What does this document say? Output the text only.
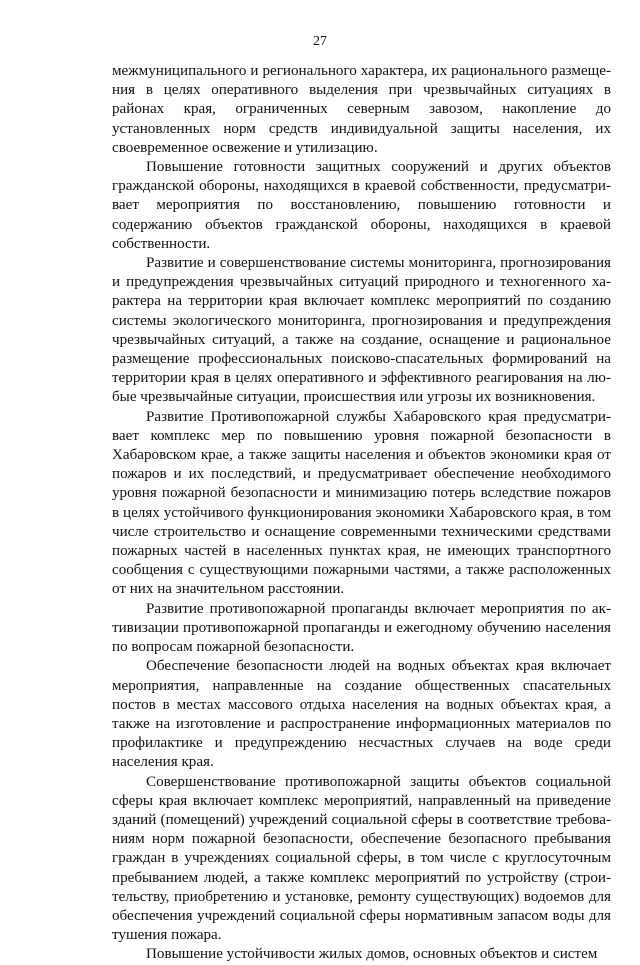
27

межмуниципального и регионального характера, их рационального размещения в целях оперативного выделения при чрезвычайных ситуациях в районах края, ограниченных северным завозом, накопление до установленных норм средств индивидуальной защиты населения, их своевременное освежение и утилизацию.

Повышение готовности защитных сооружений и других объектов гражданской обороны, находящихся в краевой собственности, предусматривает мероприятия по восстановлению, повышению готовности и содержанию объектов гражданской обороны, находящихся в краевой собственности.

Развитие и совершенствование системы мониторинга, прогнозирования и предупреждения чрезвычайных ситуаций природного и техногенного характера на территории края включает комплекс мероприятий по созданию системы экологического мониторинга, прогнозирования и предупреждения чрезвычайных ситуаций, а также на создание, оснащение и рациональное размещение профессиональных поисково-спасательных формирований на территории края в целях оперативного и эффективного реагирования на любые чрезвычайные ситуации, происшествия или угрозы их возникновения.

Развитие Противопожарной службы Хабаровского края предусматривает комплекс мер по повышению уровня пожарной безопасности в Хабаровском крае, а также защиты населения и объектов экономики края от пожаров и их последствий, и предусматривает обеспечение необходимого уровня пожарной безопасности и минимизацию потерь вследствие пожаров в целях устойчивого функционирования экономики Хабаровского края, в том числе строительство и оснащение современными техническими средствами пожарных частей в населенных пунктах края, не имеющих транспортного сообщения с существующими пожарными частями, а также расположенных от них на значительном расстоянии.

Развитие противопожарной пропаганды включает мероприятия по активизации противопожарной пропаганды и ежегодному обучению населения по вопросам пожарной безопасности.

Обеспечение безопасности людей на водных объектах края включает мероприятия, направленные на создание общественных спасательных постов в местах массового отдыха населения на водных объектах края, а также на изготовление и распространение информационных материалов по профилактике и предупреждению несчастных случаев на воде среди населения края.

Совершенствование противопожарной защиты объектов социальной сферы края включает комплекс мероприятий, направленный на приведение зданий (помещений) учреждений социальной сферы в соответствие требованиям норм пожарной безопасности, обеспечение безопасного пребывания граждан в учреждениях социальной сферы, в том числе с круглосуточным пребыванием людей, а также комплекс мероприятий по устройству (строительству, приобретению и установке, ремонту существующих) водоемов для обеспечения учреждений социальной сферы нормативным запасом воды для тушения пожара.

Повышение устойчивости жилых домов, основных объектов и систем
